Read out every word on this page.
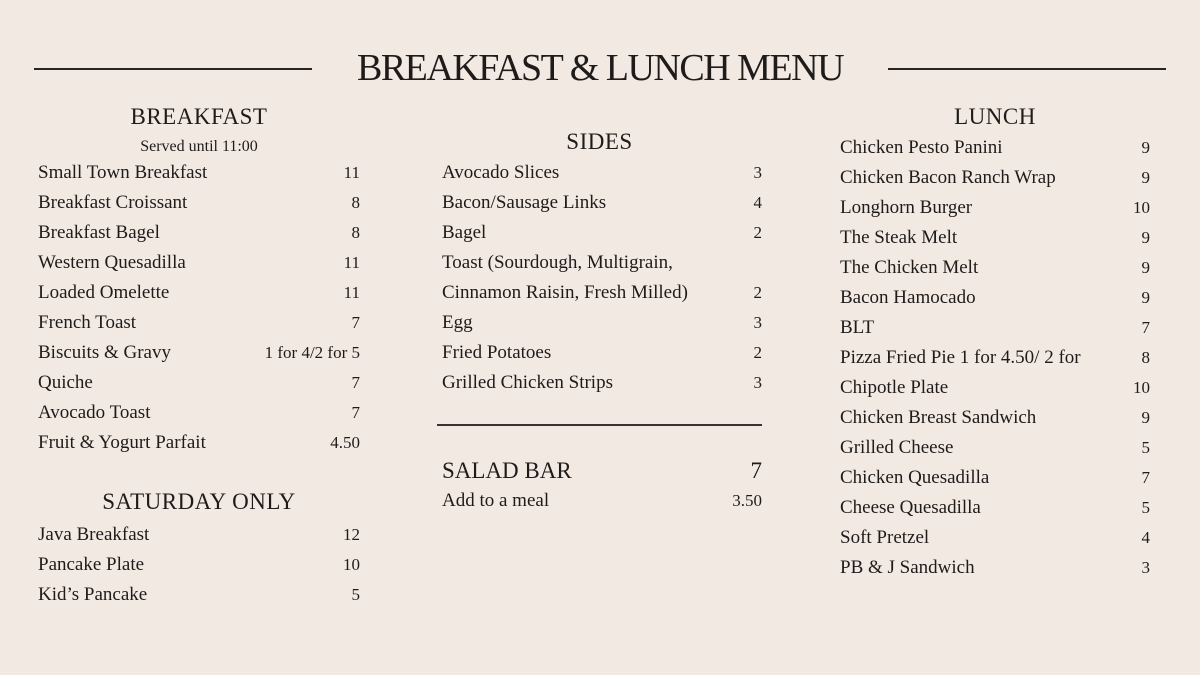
BREAKFAST & LUNCH MENU
BREAKFAST
Served until 11:00
Small Town Breakfast	11
Breakfast Croissant	8
Breakfast Bagel	8
Western Quesadilla	11
Loaded Omelette	11
French Toast	7
Biscuits & Gravy	1 for 4/2 for 5
Quiche	7
Avocado Toast	7
Fruit & Yogurt Parfait	4.50
SATURDAY ONLY
Java Breakfast	12
Pancake Plate	10
Kid’s Pancake	5
SIDES
Avocado Slices	3
Bacon/Sausage Links	4
Bagel	2
Toast (Sourdough, Multigrain,
Cinnamon Raisin, Fresh Milled)	2
Egg	3
Fried Potatoes	2
Grilled Chicken Strips	3
SALAD BAR	7
Add to a meal	3.50
LUNCH
Chicken Pesto Panini	9
Chicken Bacon Ranch Wrap	9
Longhorn Burger	10
The Steak Melt	9
The Chicken Melt	9
Bacon Hamocado	9
BLT	7
Pizza Fried Pie 1 for 4.50/ 2 for	8
Chipotle Plate	10
Chicken Breast Sandwich	9
Grilled Cheese	5
Chicken Quesadilla	7
Cheese Quesadilla	5
Soft Pretzel	4
PB & J Sandwich	3
